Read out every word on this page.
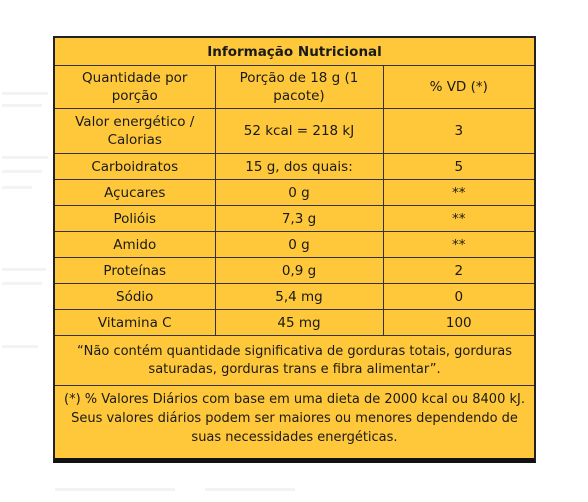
Informação Nutricional		
Quantidade por porção	Porção de 18 g (1 pacote)	% VD (*)
Valor energético / Calorias	52 kcal = 218 kJ	3
Carboidratos	15 g, dos quais:	5
Açucares	0 g	**
Polióis	7,3 g	**
Amido	0 g	**
Proteínas	0,9 g	2
Sódio	5,4 mg	0
Vitamina C	45 mg	100
“Não contém quantidade significativa de gorduras totais, gorduras saturadas, gorduras trans e fibra alimentar”.		
(*) % Valores Diários com base em uma dieta de 2000 kcal ou 8400 kJ. Seus valores diários podem ser maiores ou menores dependendo de suas necessidades energéticas.		
